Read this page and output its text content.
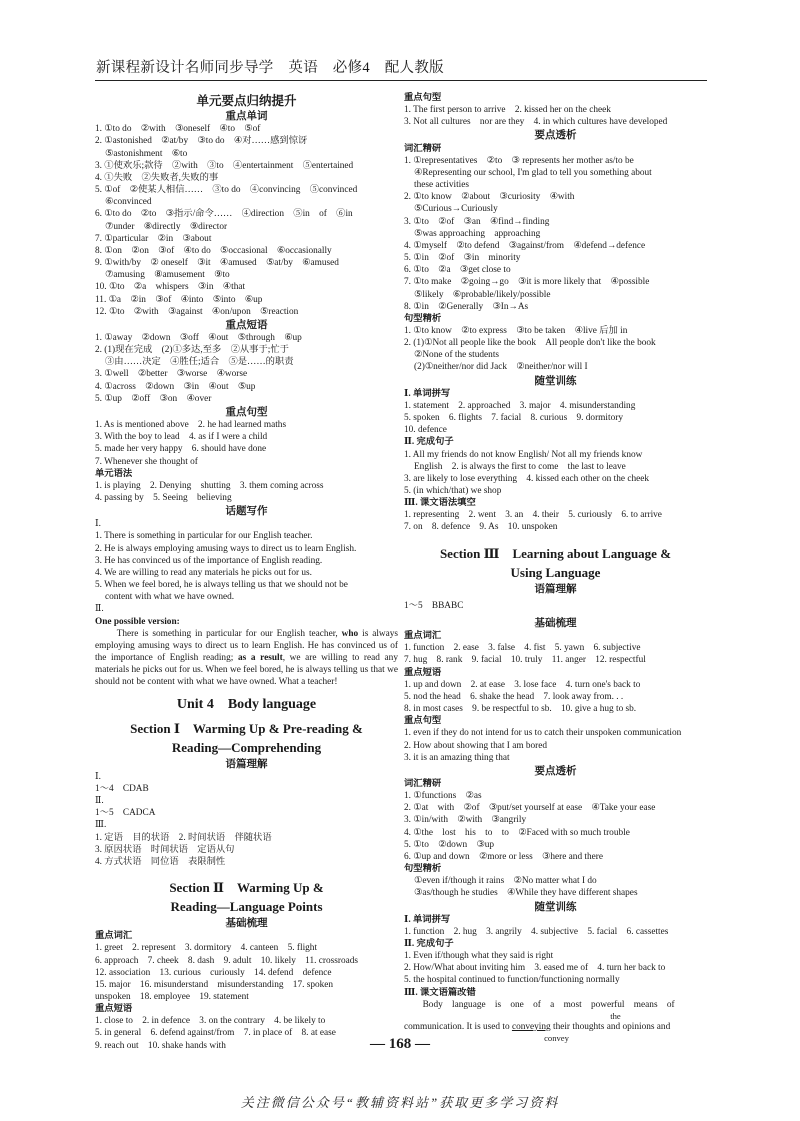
新课程新设计名师同步导学　英语　必修4　配人教版
单元要点归纳提升
重点单词
1. ①to do　②with　③oneself　④to　⑤of
2. ①astonished　②at/by　③to do　④对……感到惊讶
⑤astonishment　⑥to
3. ①使欢乐;款待　②with　③to　④entertainment　⑤entertained
4. ①失败　②失败者,失败的事
5. ①of　②使某人相信……　③to do　④convincing　⑤convinced
⑥convinced
6. ①to do　②to　③指示/命令……　④direction　⑤in　of　⑥in
⑦under　⑧directly　⑨director
7. ①particular　②in　③about
8. ①on　②on　③of　④to do　⑤occasional　⑥occasionally
9. ①with/by　② oneself　③it　④amused　⑤at/by　⑥amused
⑦amusing　⑧amusement　⑨to
10. ①to　②a　whispers　③in　④that
11. ①a　②in　③of　④into　⑤into　⑥up
12. ①to　②with　③against　④on/upon　⑤reaction
重点短语
1. ①away　②down　③off　④out　⑤through　⑥up
2. (1)现在完成　(2)①多达,至多　②从事于;忙于
③由……决定　④胜任;适合　⑤是……的职责
3. ①well　②better　③worse　④worse
4. ①across　②down　③in　④out　⑤up
5. ①up　②off　③on　④over
重点句型
1. As is mentioned above　2. he had learned maths
3. With the boy to lead　4. as if I were a child
5. made her very happy　6. should have done
7. Whenever she thought of
单元语法
1. is playing　2. Denying　shutting　3. them coming across
4. passing by　5. Seeing　believing
话题写作
Ⅰ.
1. There is something in particular for our English teacher.
2. He is always employing amusing ways to direct us to learn English.
3. He has convinced us of the importance of English reading.
4. We are willing to read any materials he picks out for us.
5. When we feel bored, he is always telling us that we should not be
content with what we have owned.
Ⅱ.
One possible version:
　　There is something in particular for our English teacher, who is always employing amusing ways to direct us to learn English. He has convinced us of the importance of English reading; as a result, we are willing to read any materials he picks out for us. When we feel bored, he is always telling us that we should not be content with what we have owned. What a teacher!
Unit 4　Body language
Section Ⅰ　Warming Up & Pre-reading &
Reading—Comprehending
语篇理解
Ⅰ.
1～4　CDAB
Ⅱ.
1～5　CADCA
Ⅲ.
1. 定语　目的状语　2. 时间状语　伴随状语
3. 原因状语　时间状语　定语从句
4. 方式状语　同位语　表限制性
Section Ⅱ　Warming Up &
Reading—Language Points
基础梳理
重点词汇
1. greet　2. represent　3. dormitory　4. canteen　5. flight
6. approach　7. cheek　8. dash　9. adult　10. likely　11. crossroads
12. association　13. curious　curiously　14. defend　defence
15. major　16. misunderstand　misunderstanding　17. spoken
unspoken　18. employee　19. statement
重点短语
1. close to　2. in defence　3. on the contrary　4. be likely to
5. in general　6. defend against/from　7. in place of　8. at ease
9. reach out　10. shake hands with
重点句型
1. The first person to arrive　2. kissed her on the cheek
3. Not all cultures　nor are they　4. in which cultures have developed
要点透析
词汇精研
1. ①representatives　②to　③ represents her mother as/to be
④Representing our school, I'm glad to tell you something about
these activities
2. ①to know　②about　③curiosity　④with
⑤Curious→Curiously
3. ①to　②of　③an　④find→finding
⑤was approaching　approaching
4. ①myself　②to defend　③against/from　④defend→defence
5. ①in　②of　③in　minority
6. ①to　②a　③get close to
7. ①to make　②going→go　③it is more likely that　④possible
⑤likely　⑥probable/likely/possible
8. ①in　②Generally　③In→As
句型精析
1. ①to know　②to express　③to be taken　④live 后加 in
2. (1)①Not all people like the book　All people don't like the book
②None of the students
(2)①neither/nor did Jack　②neither/nor will I
随堂训练
Ⅰ. 单词拼写
1. statement　2. approached　3. major　4. misunderstanding
5. spoken　6. flights　7. facial　8. curious　9. dormitory
10. defence
Ⅱ. 完成句子
1. All my friends do not know English/ Not all my friends know
English　2. is always the first to come　the last to leave
3. are likely to lose everything　4. kissed each other on the cheek
5. (in which/that) we shop
Ⅲ. 课文语法填空
1. representing　2. went　3. an　4. their　5. curiously　6. to arrive
7. on　8. defence　9. As　10. unspoken
Section Ⅲ　Learning about Language &
Using Language
语篇理解
1～5　BBABC
基础梳理
重点词汇
1. function　2. ease　3. false　4. fist　5. yawn　6. subjective
7. hug　8. rank　9. facial　10. truly　11. anger　12. respectful
重点短语
1. up and down　2. at ease　3. lose face　4. turn one's back to
5. nod the head　6. shake the head　7. look away from. . .
8. in most cases　9. be respectful to sb.　10. give a hug to sb.
重点句型
1. even if they do not intend for us to catch their unspoken communication
2. How about showing that I am bored
3. it is an amazing thing that
要点透析
词汇精研
1. ①functions　②as
2. ①at　with　②of　③put/set yourself at ease　④Take your ease
3. ①in/with　②with　③angrily
4. ①the　lost　his　to　to　②Faced with so much trouble
5. ①to　②down　③up
6. ①up and down　②more or less　③here and there
句型精析
①even if/though it rains　②No matter what I do
③as/though he studies　④While they have different shapes
随堂训练
Ⅰ. 单词拼写
1. function　2. hug　3. angrily　4. subjective　5. facial　6. cassettes
Ⅱ. 完成句子
1. Even if/though what they said is right
2. How/What about inviting him　3. eased me of　4. turn her back to
5. the hospital continued to function/functioning normally
Ⅲ. 课文语篇改错
　　Body　language　is　one　of　a　most　powerful　means　of
the
communication. It is used to conveying their thoughts and opinions and
convey
— 168 —
关注微信公众号“教辅资料站”获取更多学习资料
